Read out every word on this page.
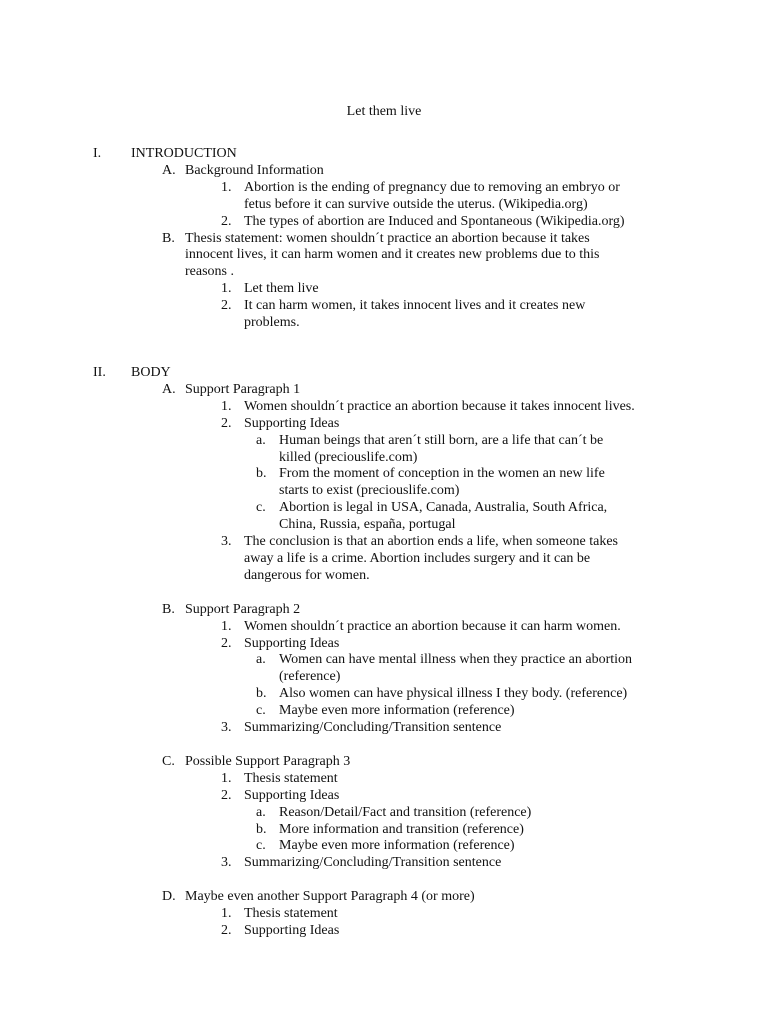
Let them live
I. INTRODUCTION
A. Background Information
1. Abortion is the ending of pregnancy due to removing an embryo or
fetus before it can survive outside the uterus. (Wikipedia.org)
2. The types of abortion are Induced and Spontaneous (Wikipedia.org)
B. Thesis statement: women shouldn´t practice an abortion because it takes
innocent lives, it can harm women and it creates new problems due to this
reasons .
1. Let them live
2. It can harm women, it takes innocent lives and it creates new
problems.
II. BODY
A. Support Paragraph 1
1. Women shouldn´t practice an abortion because it takes innocent lives.
2. Supporting Ideas
a. Human beings that aren´t still born, are a life that can´t be
killed (preciouslife.com)
b. From the moment of conception in the women an new life
starts to exist (preciouslife.com)
c. Abortion is legal in USA, Canada, Australia, South Africa,
China, Russia, españa, portugal
3. The conclusion is that an abortion ends a life, when someone takes
away a life is a crime. Abortion includes surgery and it can be
dangerous for women.
B. Support Paragraph 2
1. Women shouldn´t practice an abortion because it can harm women.
2. Supporting Ideas
a. Women can have mental illness when they practice an abortion
(reference)
b. Also women can have physical illness I they body. (reference)
c. Maybe even more information (reference)
3. Summarizing/Concluding/Transition sentence
C. Possible Support Paragraph 3
1. Thesis statement
2. Supporting Ideas
a. Reason/Detail/Fact and transition (reference)
b. More information and transition (reference)
c. Maybe even more information (reference)
3. Summarizing/Concluding/Transition sentence
D. Maybe even another Support Paragraph 4 (or more)
1. Thesis statement
2. Supporting Ideas
